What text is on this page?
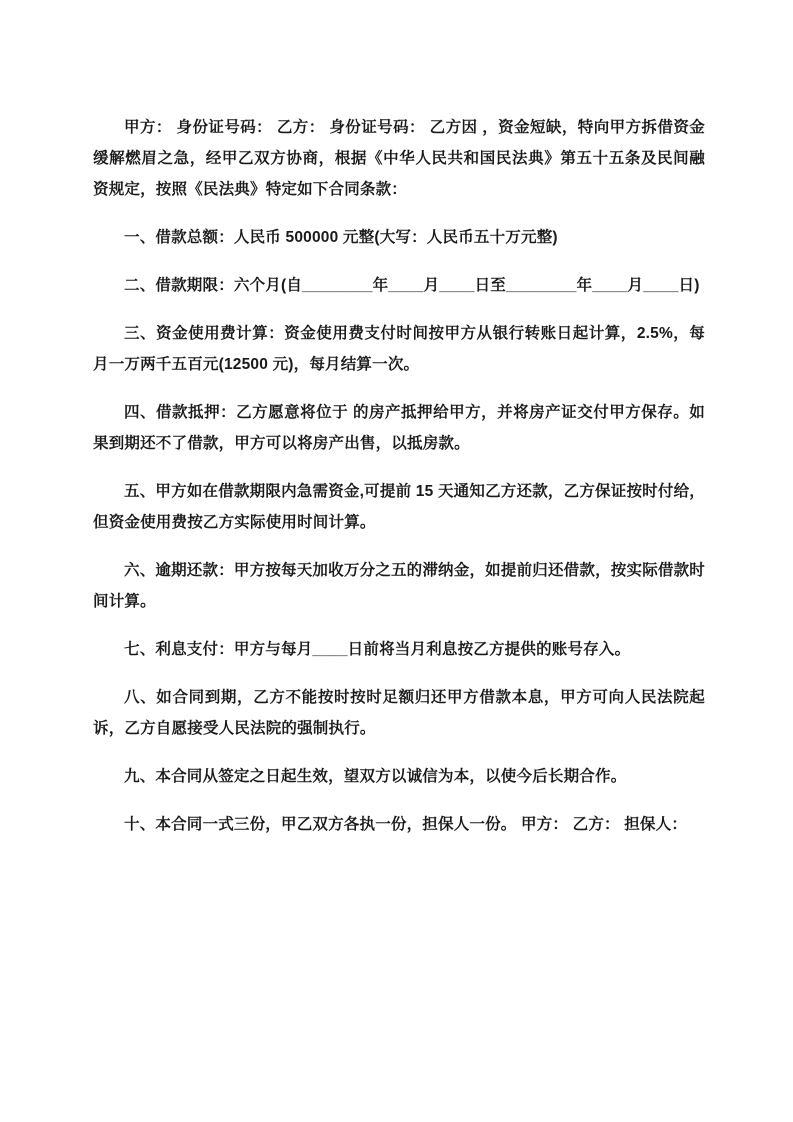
甲方： 身份证号码： 乙方： 身份证号码： 乙方因 ，资金短缺，特向甲方拆借资金缓解燃眉之急，经甲乙双方协商，根据《中华人民共和国民法典》第五十五条及民间融资规定，按照《民法典》特定如下合同条款：

一、借款总额：人民币 500000 元整(大写：人民币五十万元整)

二、借款期限：六个月(自________年____月____日至________年____月____日)

三、资金使用费计算：资金使用费支付时间按甲方从银行转账日起计算，2.5%，每月一万两千五百元(12500 元)，每月结算一次。

四、借款抵押：乙方愿意将位于 的房产抵押给甲方，并将房产证交付甲方保存。如果到期还不了借款，甲方可以将房产出售，以抵房款。

五、甲方如在借款期限内急需资金,可提前 15 天通知乙方还款，乙方保证按时付给，但资金使用费按乙方实际使用时间计算。

六、逾期还款：甲方按每天加收万分之五的滞纳金，如提前归还借款，按实际借款时间计算。

七、利息支付：甲方与每月____日前将当月利息按乙方提供的账号存入。

八、如合同到期，乙方不能按时按时足额归还甲方借款本息，甲方可向人民法院起诉，乙方自愿接受人民法院的强制执行。

九、本合同从签定之日起生效，望双方以诚信为本，以使今后长期合作。

十、本合同一式三份，甲乙双方各执一份，担保人一份。 甲方： 乙方： 担保人：
